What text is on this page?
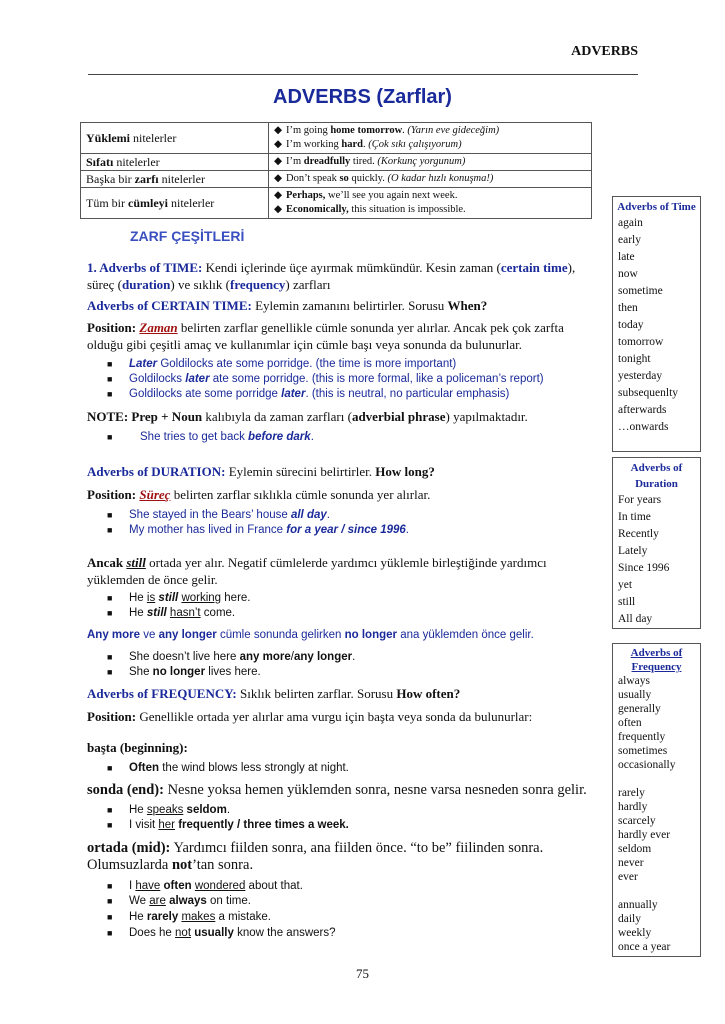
ADVERBS
ADVERBS (Zarflar)
Yüklemi nitelerler	◆ I’m going home tomorrow. (Yarın eve gideceğim)
◆ I’m working hard. (Çok sıkı çalışıyorum)

Sıfatı nitelerler	◆ I’m dreadfully tired. (Korkunç yorgunum)

Başka bir zarfı nitelerler	◆ Don’t speak so quickly. (O kadar hızlı konuşma!)

Tüm bir cümleyi nitelerler	◆ Perhaps, we’ll see you again next week.
◆ Economically, this situation is impossible.
ZARF ÇEŞİTLERİ
1. Adverbs of TIME: Kendi içlerinde üçe ayırmak mümkündür. Kesin zaman (certain time), süreç (duration) ve sıklık (frequency) zarfları
Adverbs of CERTAIN TIME: Eylemin zamanını belirtirler. Sorusu When?
Position: Zaman belirten zarflar genellikle cümle sonunda yer alırlar. Ancak pek çok zarfta olduğu gibi çeşitli amaç ve kullanımlar için cümle başı veya sonunda da bulunurlar.
■ Later Goldilocks ate some porridge. (the time is more important)
■ Goldilocks later ate some porridge. (this is more formal, like a policeman’s report)
■ Goldilocks ate some porridge later. (this is neutral, no particular emphasis)
NOTE: Prep + Noun kalıbıyla da zaman zarfları (adverbial phrase) yapılmaktadır.
■ She tries to get back before dark.
Adverbs of DURATION: Eylemin sürecini belirtirler. How long?
Position: Süreç belirten zarflar sıklıkla cümle sonunda yer alırlar.
■ She stayed in the Bears’ house all day.
■ My mother has lived in France for a year / since 1996.
Ancak still ortada yer alır. Negatif cümlelerde yardımcı yüklemle birleştiğinde yardımcı yüklemden de önce gelir.
■ He is still working here.
■ He still hasn’t come.
Any more ve any longer cümle sonunda gelirken no longer ana yüklemden önce gelir.
■ She doesn’t live here any more/any longer.
■ She no longer lives here.
Adverbs of FREQUENCY: Sıklık belirten zarflar. Sorusu How often?
Position: Genellikle ortada yer alırlar ama vurgu için başta veya sonda da bulunurlar:
başta (beginning):
■ Often the wind blows less strongly at night.
sonda (end): Nesne yoksa hemen yüklemden sonra, nesne varsa nesneden sonra gelir.
■ He speaks seldom.
■ I visit her frequently / three times a week.
ortada (mid): Yardımcı fiilden sonra, ana fiilden önce. “to be” fiilinden sonra. Olumsuzlarda not’tan sonra.
■ I have often wondered about that.
■ We are always on time.
■ He rarely makes a mistake.
■ Does he not usually know the answers?
Adverbs of Time
again
early
late
now
sometime
then
today
tomorrow
tonight
yesterday
subsequenlty
afterwards
…onwards
Adverbs of Duration
For years
In time
Recently
Lately
Since 1996
yet
still
All day
Adverbs of Frequency
always
usually
generally
often
frequently
sometimes
occasionally
rarely
hardly
scarcely
hardly ever
seldom
never
ever
annually
daily
weekly
once a year
75
